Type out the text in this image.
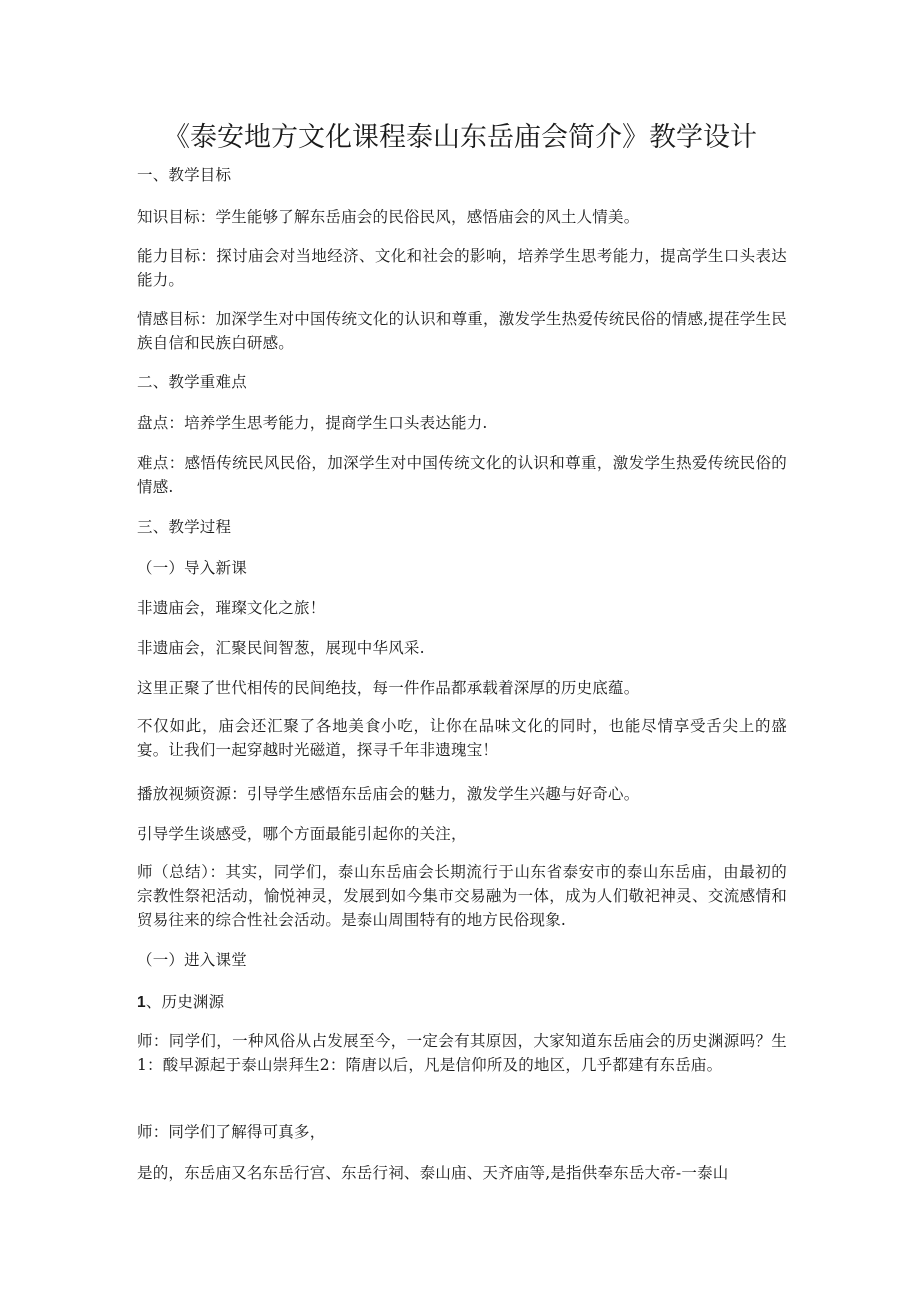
《泰安地方文化课程泰山东岳庙会简介》教学设计
一、教学目标
知识目标：学生能够了解东岳庙会的民俗民风，感悟庙会的风土人情美。
能力目标：探讨庙会对当地经济、文化和社会的影响，培养学生思考能力，提高学生口头表达能力。
情感目标：加深学生对中国传统文化的认识和尊重，激发学生热爱传统民俗的情感,提荏学生民族自信和民族白研感。
二、教学重难点
盘点：培养学生思考能力，提商学生口头表达能力.
难点：感悟传统民风民俗，加深学生对中国传统文化的认识和尊重，激发学生热爱传统民俗的情感.
三、教学过程
（一）导入新课
非遗庙会，璀璨文化之旅！
非遗庙会，汇聚民间智葱，展现中华风采.
这里正聚了世代相传的民间绝技，每一件作品都承载着深厚的历史底蕴。
不仅如此，庙会还汇聚了各地美食小吃，让你在品味文化的同时，也能尽情享受舌尖上的盛宴。让我们一起穿越时光磁道，探寻千年非遗瑰宝！
播放视频资源：引导学生感悟东岳庙会的魅力，激发学生兴趣与好奇心。
引导学生谈感受，哪个方面最能引起你的关注，
师（总结）：其实，同学们，泰山东岳庙会长期流行于山东省泰安市的泰山东岳庙，由最初的宗教性祭祀活动，愉悦神灵，发展到如今集市交易融为一体，成为人们敬祀神灵、交流感情和贸易往来的综合性社会活动。是泰山周围特有的地方民俗现象.
（一）进入课堂
1、历史渊源
师：同学们，一种风俗从占发展至今，一定会有其原因，大家知道东岳庙会的历史渊源吗？生1：酸早源起于泰山崇拜生2：隋唐以后，凡是信仰所及的地区，几乎都建有东岳庙。
师：同学们了解得可真多，
是的，东岳庙又名东岳行宫、东岳行祠、泰山庙、天齐庙等,是指供奉东岳大帝-一泰山
